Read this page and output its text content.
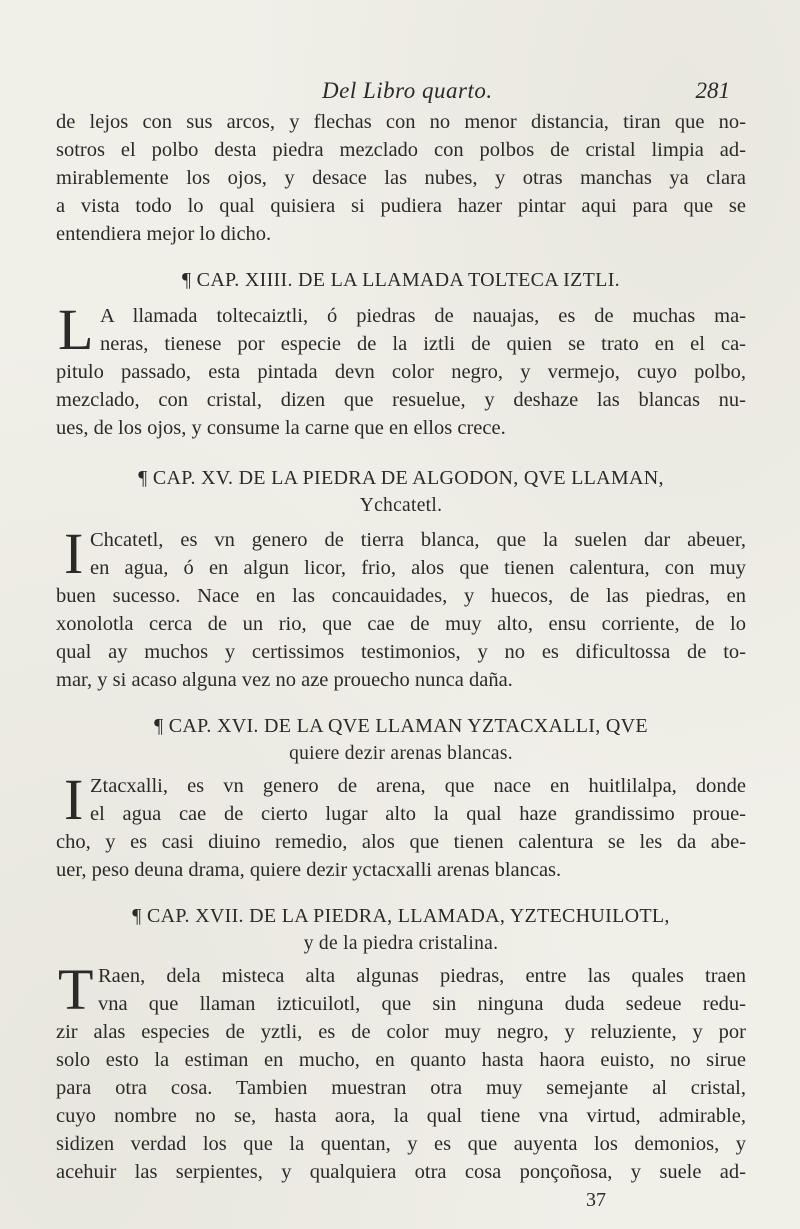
Del Libro quarto.	281
de lejos con sus arcos, y flechas con no menor distancia, tiran que no-
sotros el polbo desta piedra mezclado con polbos de cristal limpia ad-
mirablemente los ojos, y desace las nubes, y otras manchas ya clara
a vista todo lo qual quisiera si pudiera hazer pintar aqui para que se
entendiera mejor lo dicho.
¶ CAP. XIIII. DE LA LLAMADA TOLTECA IZTLI.
L A llamada toltecaiztli, ó piedras de nauajas, es de muchas ma-
neras, tienese por especie de la iztli de quien se trato en el ca-
pitulo passado, esta pintada devn color negro, y vermejo, cuyo polbo,
mezclado, con cristal, dizen que resuelue, y deshaze las blancas nu-
ues, de los ojos, y consume la carne que en ellos crece.
¶ CAP. XV. DE LA PIEDRA DE ALGODON, QVE LLAMAN,
Ychcatetl.
I Chcatetl, es vn genero de tierra blanca, que la suelen dar abeuer,
en agua, ó en algun licor, frio, alos que tienen calentura, con muy
buen sucesso. Nace en las concauidades, y huecos, de las piedras, en
xonolotla cerca de un rio, que cae de muy alto, ensu corriente, de lo
qual ay muchos y certissimos testimonios, y no es dificultossa de to-
mar, y si acaso alguna vez no aze prouecho nunca daña.
¶ CAP. XVI. DE LA QVE LLAMAN YZTACXALLI, QVE
quiere dezir arenas blancas.
I Ztacxalli, es vn genero de arena, que nace en huitlilalpa, donde
el agua cae de cierto lugar alto la qual haze grandissimo proue-
cho, y es casi diuino remedio, alos que tienen calentura se les da abe-
uer, peso deuna drama, quiere dezir yctacxalli arenas blancas.
¶ CAP. XVII. DE LA PIEDRA, LLAMADA, YZTECHUILOTL,
y de la piedra cristalina.
T Raen, dela misteca alta algunas piedras, entre las quales traen
vna que llaman izticuilotl, que sin ninguna duda sedeue redu-
zir alas especies de yztli, es de color muy negro, y reluziente, y por
solo esto la estiman en mucho, en quanto hasta haora euisto, no sirue
para otra cosa. Tambien muestran otra muy semejante al cristal,
cuyo nombre no se, hasta aora, la qual tiene vna virtud, admirable,
sidizen verdad los que la quentan, y es que auyenta los demonios, y
acehuir las serpientes, y qualquiera otra cosa ponçoñosa, y suele ad-
37
